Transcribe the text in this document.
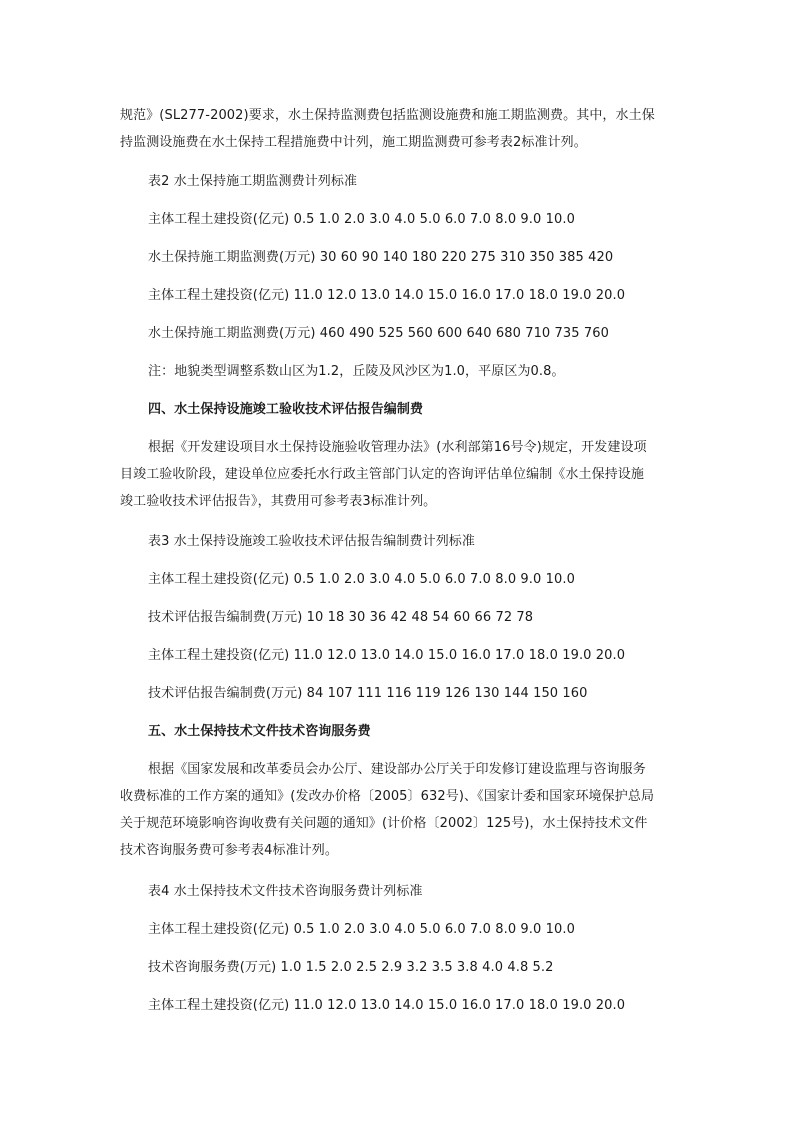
规范》(SL277-2002)要求，水土保持监测费包括监测设施费和施工期监测费。其中，水土保
持监测设施费在水土保持工程措施费中计列，施工期监测费可参考表2标准计列。
表2 水土保持施工期监测费计列标准
主体工程土建投资(亿元) 0.5 1.0 2.0 3.0 4.0 5.0 6.0 7.0 8.0 9.0 10.0
水土保持施工期监测费(万元) 30 60 90 140 180 220 275 310 350 385 420
主体工程土建投资(亿元) 11.0 12.0 13.0 14.0 15.0 16.0 17.0 18.0 19.0 20.0
水土保持施工期监测费(万元) 460 490 525 560 600 640 680 710 735 760
注：地貌类型调整系数山区为1.2，丘陵及风沙区为1.0，平原区为0.8。
四、水土保持设施竣工验收技术评估报告编制费
根据《开发建设项目水土保持设施验收管理办法》(水利部第16号令)规定，开发建设项
目竣工验收阶段，建设单位应委托水行政主管部门认定的咨询评估单位编制《水土保持设施
竣工验收技术评估报告》，其费用可参考表3标准计列。
表3 水土保持设施竣工验收技术评估报告编制费计列标准
主体工程土建投资(亿元) 0.5 1.0 2.0 3.0 4.0 5.0 6.0 7.0 8.0 9.0 10.0
技术评估报告编制费(万元) 10 18 30 36 42 48 54 60 66 72 78
主体工程土建投资(亿元) 11.0 12.0 13.0 14.0 15.0 16.0 17.0 18.0 19.0 20.0
技术评估报告编制费(万元) 84 107 111 116 119 126 130 144 150 160
五、水土保持技术文件技术咨询服务费
根据《国家发展和改革委员会办公厅、建设部办公厅关于印发修订建设监理与咨询服务
收费标准的工作方案的通知》(发改办价格〔2005〕632号)、《国家计委和国家环境保护总局
关于规范环境影响咨询收费有关问题的通知》(计价格〔2002〕125号)，水土保持技术文件
技术咨询服务费可参考表4标准计列。
表4 水土保持技术文件技术咨询服务费计列标准
主体工程土建投资(亿元) 0.5 1.0 2.0 3.0 4.0 5.0 6.0 7.0 8.0 9.0 10.0
技术咨询服务费(万元) 1.0 1.5 2.0 2.5 2.9 3.2 3.5 3.8 4.0 4.8 5.2
主体工程土建投资(亿元) 11.0 12.0 13.0 14.0 15.0 16.0 17.0 18.0 19.0 20.0
